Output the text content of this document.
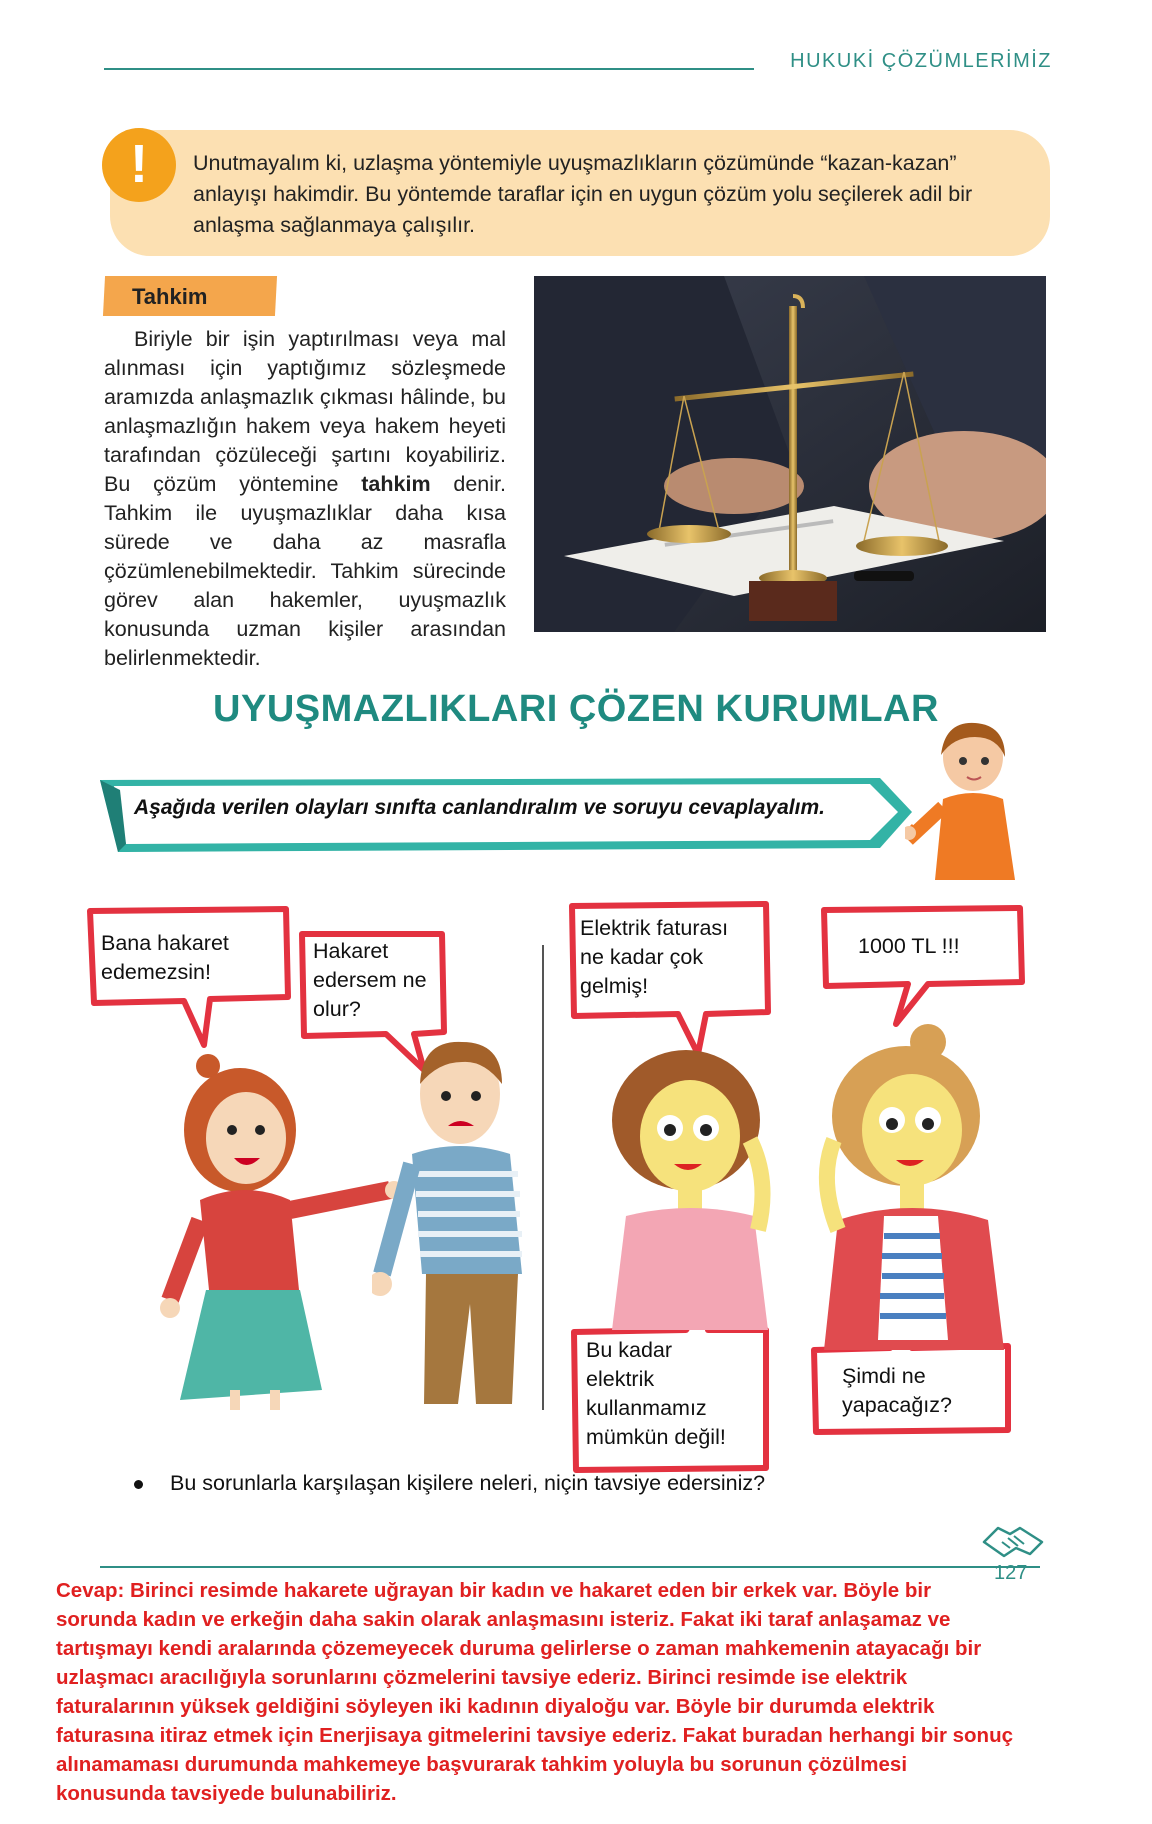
HUKUKİ ÇÖZÜMLERİMİZ
!	Unutmayalım ki, uzlaşma yöntemiyle uyuşmazlıkların çözümünde “kazan-kazan” anlayışı hakimdir. Bu yöntemde taraflar için en uygun çözüm yolu seçilerek adil bir anlaşma sağlanmaya çalışılır.
Tahkim

Biriyle bir işin yaptırılması veya mal alınması için yaptığımız sözleşmede aramızda anlaşmazlık çıkması hâlinde, bu anlaşmazlığın hakem veya hakem heyeti tarafından çözüleceği şartını koyabiliriz. Bu çözüm yöntemine tahkim denir. Tahkim ile uyuşmazlıklar daha kısa sürede ve daha az masrafla çözümlenebilmektedir. Tahkim sürecinde görev alan hakemler, uyuşmazlık konusunda uzman kişiler arasından belirlenmektedir.

UYUŞMAZLIKLARI ÇÖZEN KURUMLAR
Aşağıda verilen olayları sınıfta canlandıralım ve soruyu cevaplayalım.
Bana hakaret
edemezsin!
Hakaret
edersem ne
olur?
Elektrik faturası
ne kadar çok
gelmiş!
1000 TL !!!
Bu kadar
elektrik
kullanmamız
mümkün değil!
Şimdi ne
yapacağız?
Bu sorunlarla karşılaşan kişilere neleri, niçin tavsiye edersiniz?
127
Cevap: Birinci resimde hakarete uğrayan bir kadın ve hakaret eden bir erkek var. Böyle bir sorunda kadın ve erkeğin daha sakin olarak anlaşmasını isteriz. Fakat iki taraf anlaşamaz ve tartışmayı kendi aralarında çözemeyecek duruma gelirlerse o zaman mahkemenin atayacağı bir uzlaşmacı aracılığıyla sorunlarını çözmelerini tavsiye ederiz. Birinci resimde ise elektrik faturalarının yüksek geldiğini söyleyen iki kadının diyaloğu var. Böyle bir durumda elektrik faturasına itiraz etmek için Enerjisaya gitmelerini tavsiye ederiz. Fakat buradan herhangi bir sonuç alınamaması durumunda mahkemeye başvurarak tahkim yoluyla bu sorunun çözülmesi konusunda tavsiyede bulunabiliriz.
